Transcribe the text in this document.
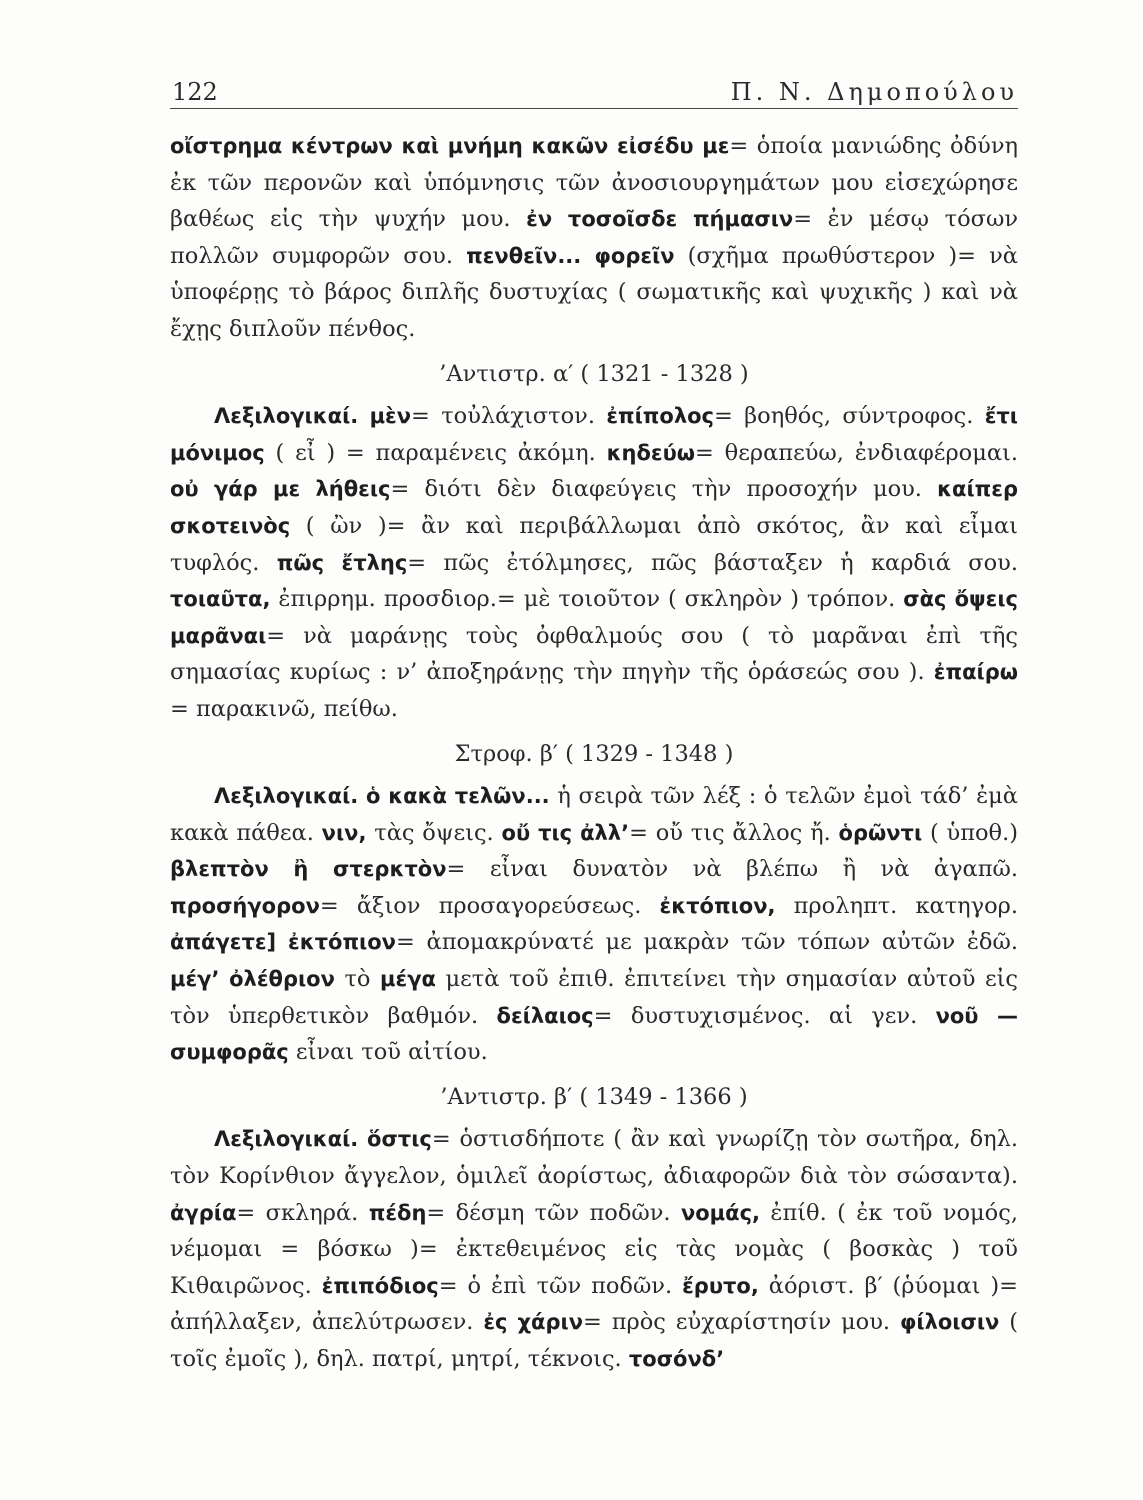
122	Π. Ν. Δημοπούλου

οἴστρημα κέντρων καὶ μνήμη κακῶν εἰσέδυ με= ὁποία μανιώδης ὀδύνη ἐκ τῶν περονῶν καὶ ὑπόμνησις τῶν ἀνοσιουργημάτων μου εἰσεχώρησε βαθέως εἰς τὴν ψυχήν μου. ἐν τοσοῖσδε πήμασιν= ἐν μέσῳ τόσων πολλῶν συμφορῶν σου. πενθεῖν... φορεῖν (σχῆμα πρωθύστερον )= νὰ ὑποφέρῃς τὸ βάρος διπλῆς δυστυχίας ( σωματικῆς καὶ ψυχικῆς ) καὶ νὰ ἔχῃς διπλοῦν πένθος.

’Αντιστρ. α′ ( 1321 - 1328 )

Λεξιλογικαί. μὲν= τοὐλάχιστον. ἐπίπολος= βοηθός, σύντροφος. ἔτι μόνιμος ( εἶ ) = παραμένεις ἀκόμη. κηδεύω= θεραπεύω, ἐνδιαφέρομαι. οὐ γάρ με λήθεις= διότι δὲν διαφεύγεις τὴν προσοχήν μου. καίπερ σκοτεινὸς ( ὢν )= ἂν καὶ περιβάλλωμαι ἀπὸ σκότος, ἂν καὶ εἶμαι τυφλός. πῶς ἔτλης= πῶς ἐτόλμησες, πῶς βάσταξεν ἡ καρδιά σου. τοιαῦτα, ἐπιρρημ. προσδιορ.= μὲ τοιοῦτον ( σκληρὸν ) τρόπον. σὰς ὄψεις μαρᾶναι= νὰ μαράνῃς τοὺς ὀφθαλμούς σου ( τὸ μαρᾶναι ἐπὶ τῆς σημασίας κυρίως : ν’ ἀποξηράνῃς τὴν πηγὴν τῆς ὁράσεώς σου ). ἐπαίρω = παρακινῶ, πείθω.

Στροφ. β′ ( 1329 - 1348 )

Λεξιλογικαί. ὁ κακὰ τελῶν... ἡ σειρὰ τῶν λέξ : ὁ τελῶν ἐμοὶ τάδ’ ἐμὰ κακὰ πάθεα. νιν, τὰς ὄψεις. οὔ τις ἀλλ’= οὔ τις ἄλλος ἤ. ὁρῶντι ( ὑποθ.) βλεπτὸν ἢ στερκτὸν= εἶναι δυνατὸν νὰ βλέπω ἢ νὰ ἀγαπῶ. προσήγορον= ἄξιον προσαγορεύσεως. ἐκτόπιον, προληπτ. κατηγορ. ἀπάγετε] ἐκτόπιον= ἀπομακρύνατέ με μακρὰν τῶν τόπων αὐτῶν ἐδῶ. μέγ’ ὀλέθριον τὸ μέγα μετὰ τοῦ ἐπιθ. ἐπιτείνει τὴν σημασίαν αὐτοῦ εἰς τὸν ὑπερθετικὸν βαθμόν. δείλαιος= δυστυχισμένος. αἱ γεν. νοῦ — συμφορᾶς εἶναι τοῦ αἰτίου.

’Αντιστρ. β′ ( 1349 - 1366 )

Λεξιλογικαί. ὅστις= ὁστισδήποτε ( ἂν καὶ γνωρίζῃ τὸν σωτῆρα, δηλ. τὸν Κορίνθιον ἄγγελον, ὁμιλεῖ ἀορίστως, ἀδιαφορῶν διὰ τὸν σώσαντα). ἀγρία= σκληρά. πέδη= δέσμη τῶν ποδῶν. νομάς, ἐπίθ. ( ἐκ τοῦ νομός, νέμομαι = βόσκω )= ἐκτεθειμένος εἰς τὰς νομὰς ( βοσκὰς ) τοῦ Κιθαιρῶνος. ἐπιπόδιος= ὁ ἐπὶ τῶν ποδῶν. ἔρυτο, ἀόριστ. β′ (ῥύομαι )= ἀπήλλαξεν, ἀπελύτρωσεν. ἐς χάριν= πρὸς εὐχαρίστησίν μου. φίλοισιν ( τοῖς ἐμοῖς ), δηλ. πατρί, μητρί, τέκνοις. τοσόνδ’
